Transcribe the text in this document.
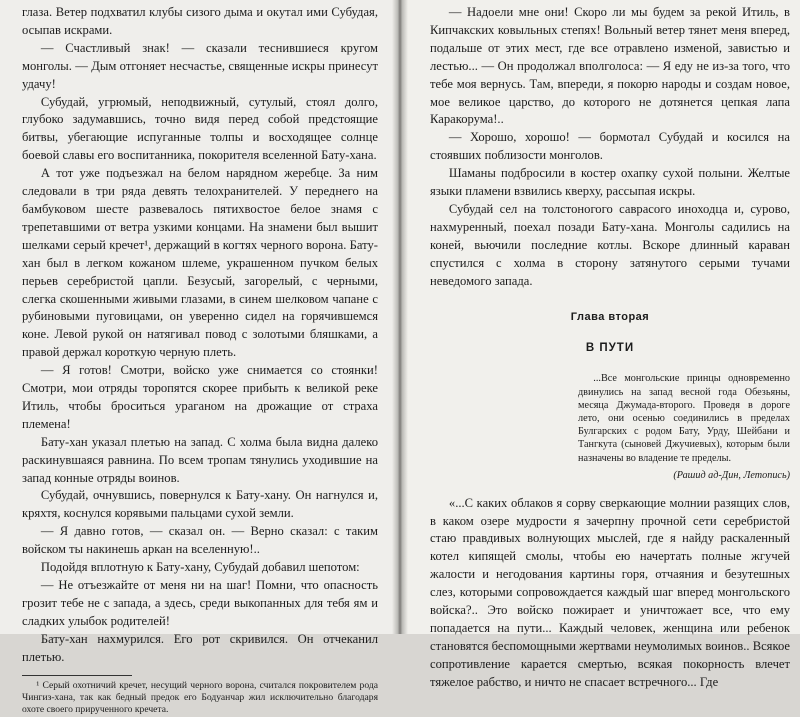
глаза. Ветер подхватил клубы сизого дыма и окутал ими Субудая, осыпав искрами.

— Счастливый знак! — сказали теснившиеся кругом монголы. — Дым отгоняет несчастье, священные искры принесут удачу!

Субудай, угрюмый, неподвижный, сутулый, стоял долго, глубоко задумавшись, точно видя перед собой предстоящие битвы, убегающие испуганные толпы и восходящее солнце боевой славы его воспитанника, покорителя вселенной Бату-хана.

А тот уже подъезжал на белом нарядном жеребце. За ним следовали в три ряда девять телохранителей. У переднего на бамбуковом шесте развевалось пятихвостое белое знамя с трепетавшими от ветра узкими концами. На знамени был вышит шелками серый кречет¹, держащий в когтях черного ворона. Бату-хан был в легком кожаном шлеме, украшенном пучком белых перьев серебристой цапли. Безусый, загорелый, с черными, слегка скошенными живыми глазами, в синем шелковом чапане с рубиновыми пуговицами, он уверенно сидел на горячившемся коне. Левой рукой он натягивал повод с золотыми бляшками, а правой держал короткую черную плеть.

— Я готов! Смотри, войско уже снимается со стоянки! Смотри, мои отряды торопятся скорее прибыть к великой реке Итиль, чтобы броситься ураганом на дрожащие от страха племена!

Бату-хан указал плетью на запад. С холма была видна далеко раскинувшаяся равнина. По всем тропам тянулись уходившие на запад конные отряды воинов.

Субудай, очнувшись, повернулся к Бату-хану. Он нагнулся и, кряхтя, коснулся корявыми пальцами сухой земли.

— Я давно готов, — сказал он. — Верно сказал: с таким войском ты накинешь аркан на вселенную!..

Подойдя вплотную к Бату-хану, Субудай добавил шепотом:

— Не отъезжайте от меня ни на шаг! Помни, что опасность грозит тебе не с запада, а здесь, среди выкопанных для тебя ям и сладких улыбок родителей!

Бату-хан нахмурился. Его рот скривился. Он отчеканил плетью.

¹ Серый охотничий кречет, несущий черного ворона, считался покровителем рода Чингиз-хана, так как бедный предок его Бодуанчар жил исключительно благодаря охоте своего прирученного кречета.

— Надоели мне они! Скоро ли мы будем за рекой Итиль, в Кипчакских ковыльных степях! Вольный ветер тянет меня вперед, подальше от этих мест, где все отравлено изменой, завистью и лестью... — Он продолжал вполголоса: — Я еду не из-за того, что тебе моя вернусь. Там, впереди, я покорю народы и создам новое, мое великое царство, до которого не дотянется цепкая лапа Каракорума!..

— Хорошо, хорошо! — бормотал Субудай и косился на стоявших поблизости монголов.

Шаманы подбросили в костер охапку сухой полыни. Желтые языки пламени взвились кверху, рассыпая искры.

Субудай сел на толстоногого саврасого иноходца и, сурово, нахмуренный, поехал позади Бату-хана. Монголы садились на коней, вьючили последние котлы. Вскоре длинный караван спустился с холма в сторону затянутого серыми тучами неведомого запада.

Глава вторая

В ПУТИ

...Все монгольские принцы одновременно двинулись на запад весной года Обезьяны, месяца Джумада-второго. Проведя в дороге лето, они осенью соединились в пределах Булгарских с родом Бату, Урду, Шейбани и Тангкута (сыновей Джучиевых), которым были назначены во владение те пределы.

(Рашид ад-Дин, Летопись)

«...С каких облаков я сорву сверкающие молнии разящих слов, в каком озере мудрости я зачерпну прочной сети серебристой стаю правдивых волнующих мыслей, где я найду раскаленный котел кипящей смолы, чтобы ею начертать полные жгучей жалости и негодования картины горя, отчаяния и безутешных слез, которыми сопровождается каждый шаг вперед монгольского войска?.. Это войско пожирает и уничтожает все, что ему попадается на пути... Каждый человек, женщина или ребенок становятся беспомощными жертвами неумолимых воинов.. Всякое сопротивление карается смертью, всякая покорность влечет тяжелое рабство, и ничто не спасает встречного... Где
